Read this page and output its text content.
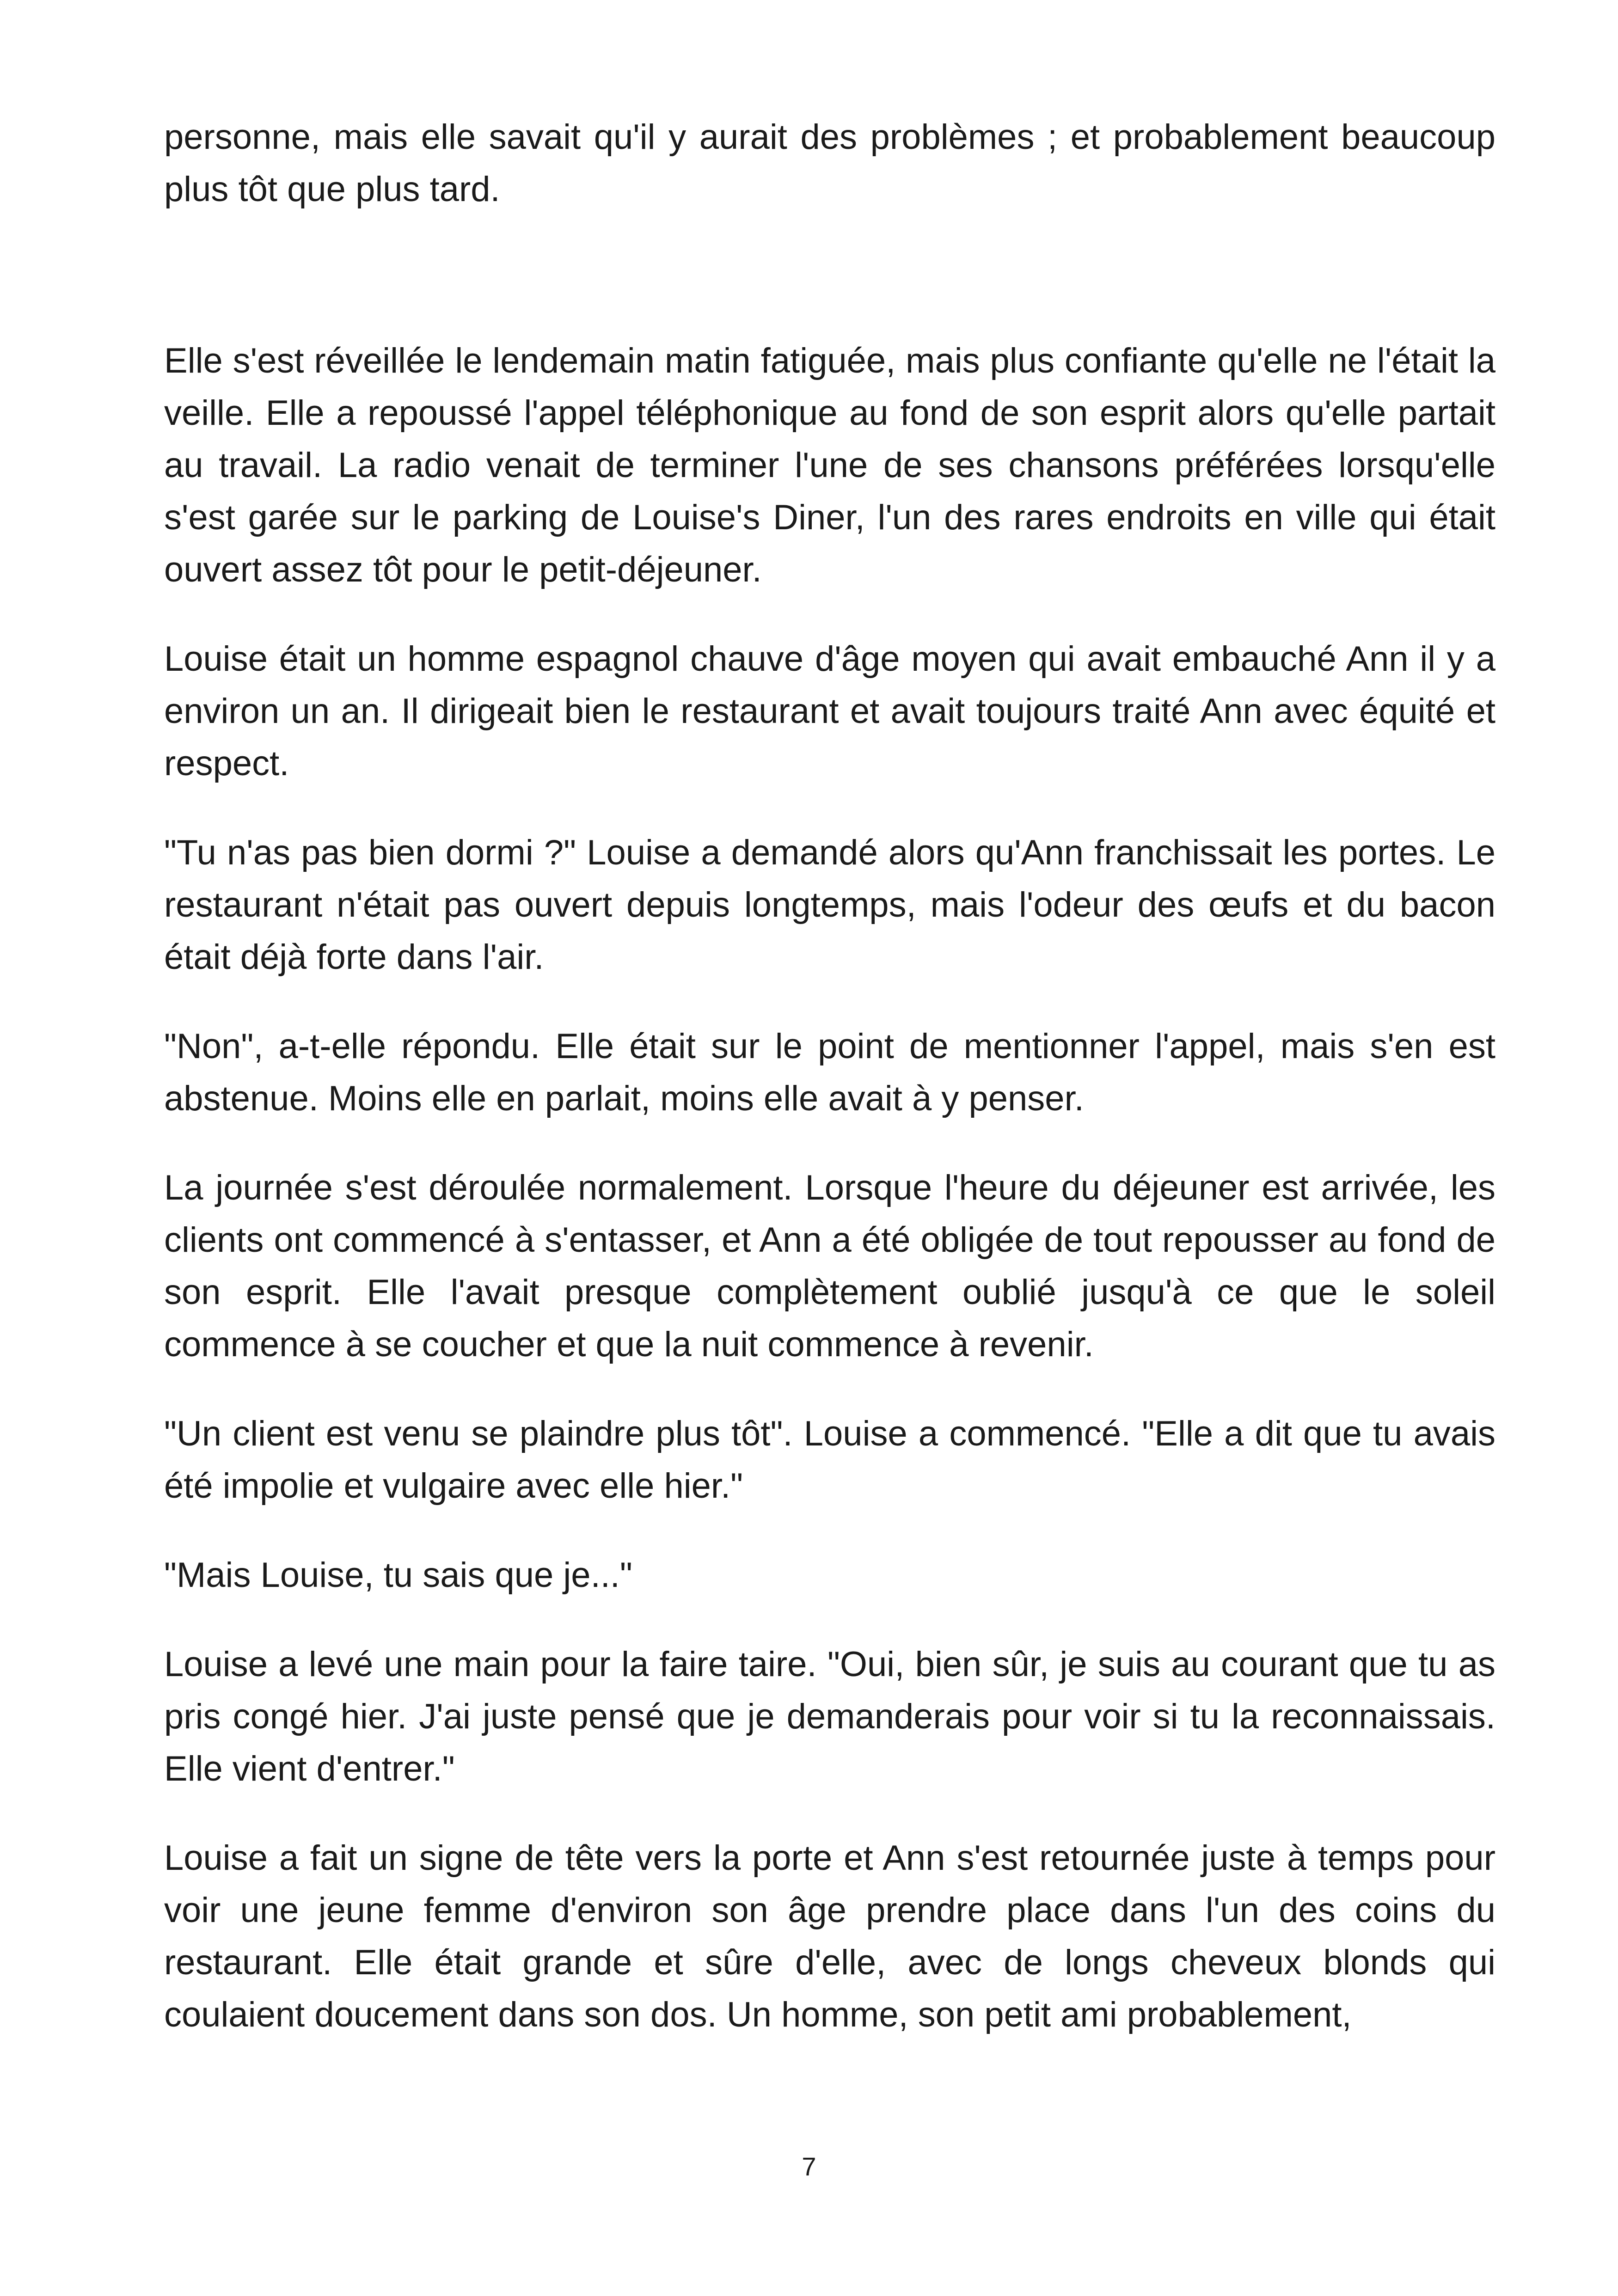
personne, mais elle savait qu'il y aurait des problèmes ; et probablement beaucoup plus tôt que plus tard.

Elle s'est réveillée le lendemain matin fatiguée, mais plus confiante qu'elle ne l'était la veille. Elle a repoussé l'appel téléphonique au fond de son esprit alors qu'elle partait au travail. La radio venait de terminer l'une de ses chansons préférées lorsqu'elle s'est garée sur le parking de Louise's Diner, l'un des rares endroits en ville qui était ouvert assez tôt pour le petit-déjeuner.

Louise était un homme espagnol chauve d'âge moyen qui avait embauché Ann il y a environ un an. Il dirigeait bien le restaurant et avait toujours traité Ann avec équité et respect.

"Tu n'as pas bien dormi ?" Louise a demandé alors qu'Ann franchissait les portes. Le restaurant n'était pas ouvert depuis longtemps, mais l'odeur des œufs et du bacon était déjà forte dans l'air.

"Non", a-t-elle répondu. Elle était sur le point de mentionner l'appel, mais s'en est abstenue. Moins elle en parlait, moins elle avait à y penser.

La journée s'est déroulée normalement. Lorsque l'heure du déjeuner est arrivée, les clients ont commencé à s'entasser, et Ann a été obligée de tout repousser au fond de son esprit. Elle l'avait presque complètement oublié jusqu'à ce que le soleil commence à se coucher et que la nuit commence à revenir.

"Un client est venu se plaindre plus tôt". Louise a commencé. "Elle a dit que tu avais été impolie et vulgaire avec elle hier."

"Mais Louise, tu sais que je..."

Louise a levé une main pour la faire taire. "Oui, bien sûr, je suis au courant que tu as pris congé hier. J'ai juste pensé que je demanderais pour voir si tu la reconnaissais. Elle vient d'entrer."

Louise a fait un signe de tête vers la porte et Ann s'est retournée juste à temps pour voir une jeune femme d'environ son âge prendre place dans l'un des coins du restaurant. Elle était grande et sûre d'elle, avec de longs cheveux blonds qui coulaient doucement dans son dos. Un homme, son petit ami probablement,

7
